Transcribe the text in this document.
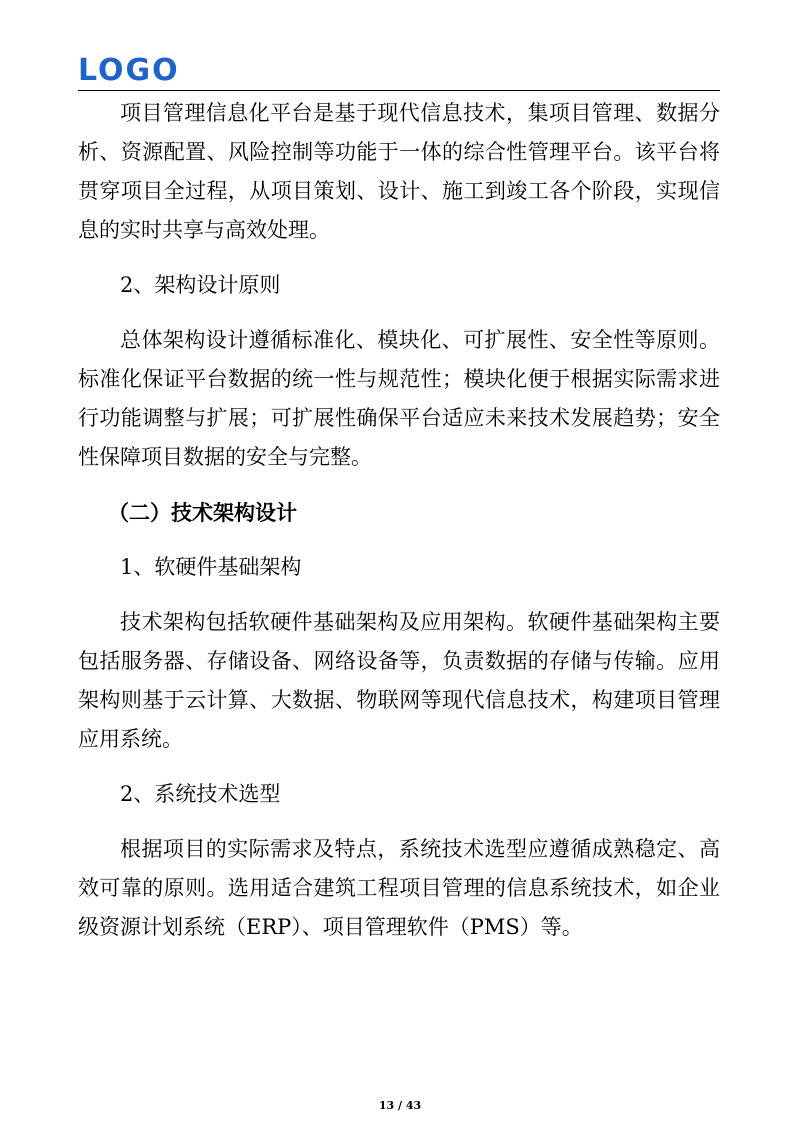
LOGO

项目管理信息化平台是基于现代信息技术，集项目管理、数据分析、资源配置、风险控制等功能于一体的综合性管理平台。该平台将贯穿项目全过程，从项目策划、设计、施工到竣工各个阶段，实现信息的实时共享与高效处理。

2、架构设计原则

总体架构设计遵循标准化、模块化、可扩展性、安全性等原则。标准化保证平台数据的统一性与规范性；模块化便于根据实际需求进行功能调整与扩展；可扩展性确保平台适应未来技术发展趋势；安全性保障项目数据的安全与完整。

（二）技术架构设计

1、软硬件基础架构

技术架构包括软硬件基础架构及应用架构。软硬件基础架构主要包括服务器、存储设备、网络设备等，负责数据的存储与传输。应用架构则基于云计算、大数据、物联网等现代信息技术，构建项目管理应用系统。

2、系统技术选型

根据项目的实际需求及特点，系统技术选型应遵循成熟稳定、高效可靠的原则。选用适合建筑工程项目管理的信息系统技术，如企业级资源计划系统（ERP）、项目管理软件（PMS）等。

13 / 43
